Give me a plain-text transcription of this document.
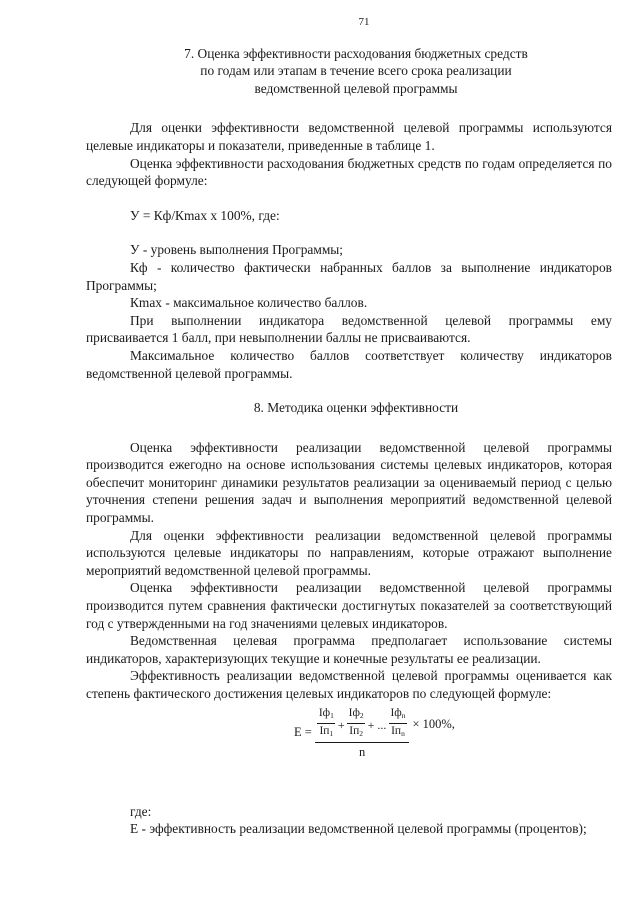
71
7. Оценка эффективности расходования бюджетных средств
по годам или этапам в течение всего срока реализации
ведомственной целевой программы

Для оценки эффективности ведомственной целевой программы используются целевые индикаторы и показатели, приведенные в таблице 1.

Оценка эффективности расходования бюджетных средств по годам определяется по следующей формуле:

У = Кф/Кmax х 100%, где:

У - уровень выполнения Программы;

Кф - количество фактически набранных баллов за выполнение индикаторов Программы;

Кmax - максимальное количество баллов.

При выполнении индикатора ведомственной целевой программы ему присваивается 1 балл, при невыполнении баллы не присваиваются.

Максимальное количество баллов соответствует количеству индикаторов ведомственной целевой программы.

8. Методика оценки эффективности

Оценка эффективности реализации ведомственной целевой программы производится ежегодно на основе использования системы целевых индикаторов, которая обеспечит мониторинг динамики результатов реализации за оцениваемый период с целью уточнения степени решения задач и выполнения мероприятий ведомственной целевой программы.

Для оценки эффективности реализации ведомственной целевой программы используются целевые индикаторы по направлениям, которые отражают выполнение мероприятий ведомственной целевой программы.

Оценка эффективности реализации ведомственной целевой программы производится путем сравнения фактически достигнутых показателей за соответствующий год с утвержденными на год значениями целевых индикаторов.

Ведомственная целевая программа предполагает использование системы индикаторов, характеризующих текущие и конечные результаты ее реализации.

Эффективность реализации ведомственной целевой программы оценивается как степень фактического достижения целевых индикаторов по следующей формуле:

$E = \frac{Iф_1}{Iп_1} + \frac{Iф_2}{Iп_2}$ + ... $\frac{Iф_n}{Iп_n}$
n
× 100%,

где:

Е - эффективность реализации ведомственной целевой программы (процентов);
